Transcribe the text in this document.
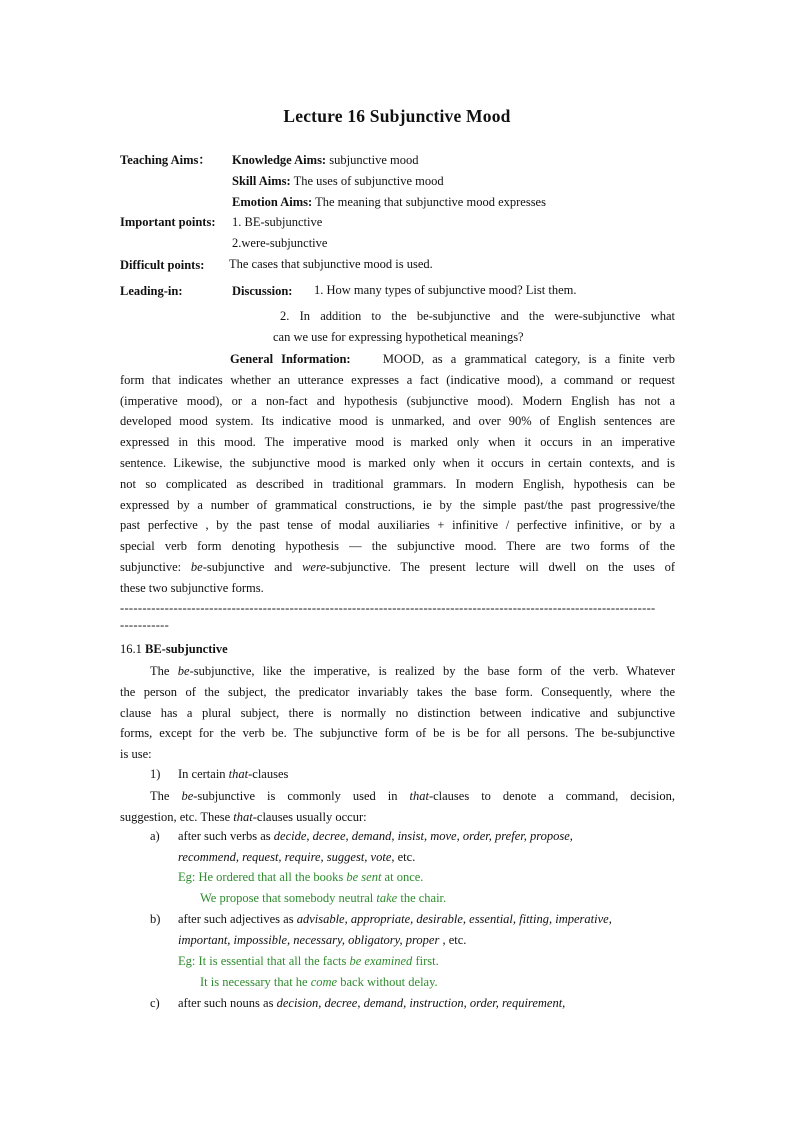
Lecture 16 Subjunctive Mood
Teaching Aims： Knowledge Aims: subjunctive mood
Skill Aims: The uses of subjunctive mood
Emotion Aims: The meaning that subjunctive mood expresses
Important points: 1. BE-subjunctive
2.were-subjunctive
Difficult points: The cases that subjunctive mood is used.
Leading-in:	Discussion: 1. How many types of subjunctive mood? List them.
2. In addition to the be-subjunctive and the were-subjunctive what
can we use for expressing hypothetical meanings?
General Information:	MOOD, as a grammatical category, is a finite verb
form that indicates whether an utterance expresses a fact (indicative mood), a command or request
(imperative mood), or a non-fact and hypothesis (subjunctive mood). Modern English has not a
developed mood system. Its indicative mood is unmarked, and over 90% of English sentences are
expressed in this mood. The imperative mood is marked only when it occurs in an imperative
sentence. Likewise, the subjunctive mood is marked only when it occurs in certain contexts, and is
not so complicated as described in traditional grammars. In modern English, hypothesis can be
expressed by a number of grammatical constructions, ie by the simple past/the past progressive/the
past perfective , by the past tense of modal auxiliaries + infinitive / perfective infinitive, or by a
special verb form denoting hypothesis — the subjunctive mood. There are two forms of the
subjunctive: be-subjunctive and were-subjunctive. The present lecture will dwell on the uses of
these two subjunctive forms.
------------------------------------------------------------------------------------------------------------------------
-----------
16.1 BE-subjunctive
The be-subjunctive, like the imperative, is realized by the base form of the verb. Whatever
the person of the subject, the predicator invariably takes the base form. Consequently, where the
clause has a plural subject, there is normally no distinction between indicative and subjunctive
forms, except for the verb be. The subjunctive form of be is be for all persons. The be-subjunctive
is use:
1) In certain that-clauses
The be-subjunctive is commonly used in that-clauses to denote a command, decision,
suggestion, etc. These that-clauses usually occur:
a) after such verbs as decide, decree, demand, insist, move, order, prefer, propose,
recommend, request, require, suggest, vote, etc.
Eg: He ordered that all the books be sent at once.
We propose that somebody neutral take the chair.
b) after such adjectives as advisable, appropriate, desirable, essential, fitting, imperative,
important, impossible, necessary, obligatory, proper , etc.
Eg: It is essential that all the facts be examined first.
It is necessary that he come back without delay.
c) after such nouns as decision, decree, demand, instruction, order, requirement,
